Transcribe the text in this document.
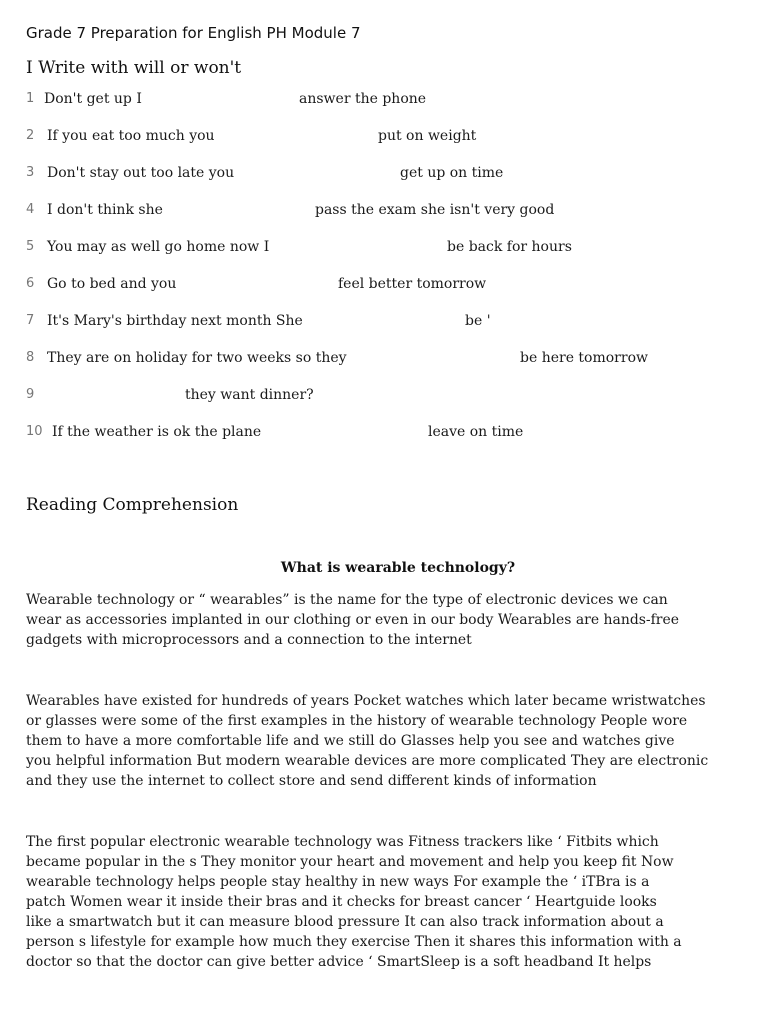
Grade 7 Preparation for English PH Module 7
I Write with will or won't
1 Don't get up I	answer the phone
2 If you eat too much you	put on weight
3 Don't stay out too late you	get up on time
4 I don't think she	pass the exam she isn't very good
5 You may as well go home now I	be back for hours
6 Go to bed and you	feel better tomorrow
7 It's Mary's birthday next month She	be '
8 They are on holiday for two weeks so they	be here tomorrow
9	they want dinner?
10 If the weather is ok the plane	leave on time
Reading Comprehension
What is wearable technology?
Wearable technology or “ wearables” is the name for the type of electronic devices we can
wear as accessories implanted in our clothing or even in our body Wearables are hands-free
gadgets with microprocessors and a connection to the internet
Wearables have existed for hundreds of years Pocket watches which later became wristwatches
or glasses were some of the first examples in the history of wearable technology People wore
them to have a more comfortable life and we still do Glasses help you see and watches give
you helpful information But modern wearable devices are more complicated They are electronic
and they use the internet to collect store and send different kinds of information
The first popular electronic wearable technology was Fitness trackers like ‘ Fitbits which
became popular in the s They monitor your heart and movement and help you keep fit Now
wearable technology helps people stay healthy in new ways For example the ‘ iTBra is a
patch Women wear it inside their bras and it checks for breast cancer ‘ Heartguide looks
like a smartwatch but it can measure blood pressure It can also track information about a
person s lifestyle for example how much they exercise Then it shares this information with a
doctor so that the doctor can give better advice ‘ SmartSleep is a soft headband It helps
